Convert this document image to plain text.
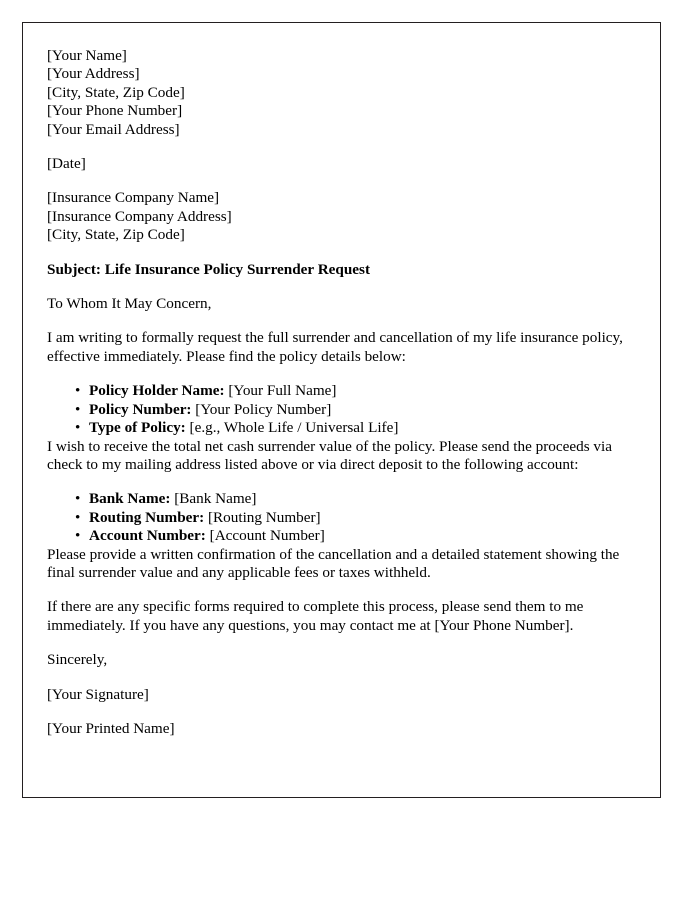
[Your Name]
[Your Address]
[City, State, Zip Code]
[Your Phone Number]
[Your Email Address]
[Date]
[Insurance Company Name]
[Insurance Company Address]
[City, State, Zip Code]
Subject: Life Insurance Policy Surrender Request
To Whom It May Concern,
I am writing to formally request the full surrender and cancellation of my life insurance policy, effective immediately. Please find the policy details below:
• Policy Holder Name: [Your Full Name]
• Policy Number: [Your Policy Number]
• Type of Policy: [e.g., Whole Life / Universal Life]
I wish to receive the total net cash surrender value of the policy. Please send the proceeds via check to my mailing address listed above or via direct deposit to the following account:
• Bank Name: [Bank Name]
• Routing Number: [Routing Number]
• Account Number: [Account Number]
Please provide a written confirmation of the cancellation and a detailed statement showing the final surrender value and any applicable fees or taxes withheld.
If there are any specific forms required to complete this process, please send them to me immediately. If you have any questions, you may contact me at [Your Phone Number].
Sincerely,
[Your Signature]
[Your Printed Name]
